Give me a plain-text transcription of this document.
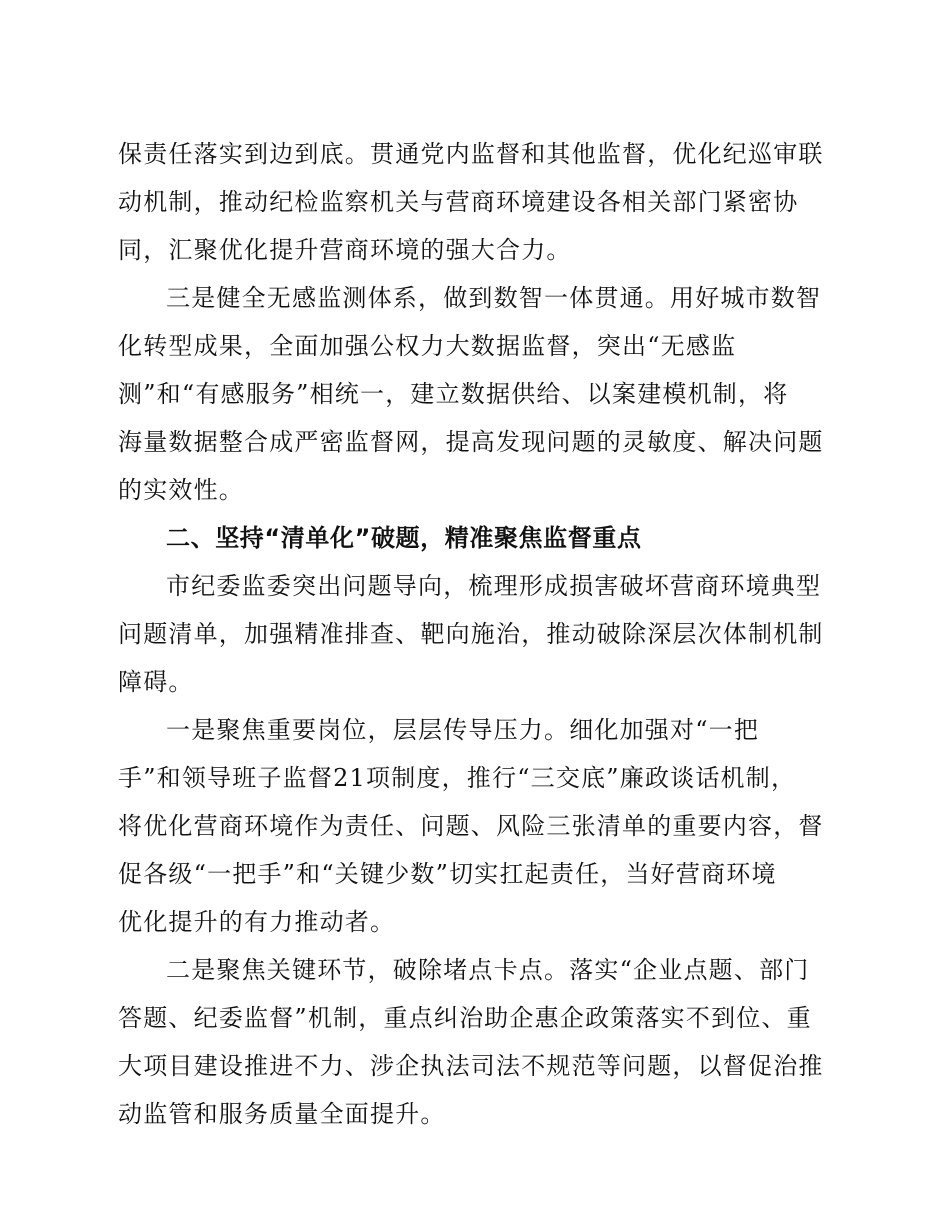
保责任落实到边到底。贯通党内监督和其他监督，优化纪巡审联
动机制，推动纪检监察机关与营商环境建设各相关部门紧密协
同，汇聚优化提升营商环境的强大合力。
三是健全无感监测体系，做到数智一体贯通。用好城市数智
化转型成果，全面加强公权力大数据监督，突出“无感监
测”和“有感服务”相统一，建立数据供给、以案建模机制，将
海量数据整合成严密监督网，提高发现问题的灵敏度、解决问题
的实效性。
二、坚持“清单化”破题，精准聚焦监督重点
市纪委监委突出问题导向，梳理形成损害破坏营商环境典型
问题清单，加强精准排查、靶向施治，推动破除深层次体制机制
障碍。
一是聚焦重要岗位，层层传导压力。细化加强对“一把
手”和领导班子监督21项制度，推行“三交底”廉政谈话机制，
将优化营商环境作为责任、问题、风险三张清单的重要内容，督
促各级“一把手”和“关键少数”切实扛起责任，当好营商环境
优化提升的有力推动者。
二是聚焦关键环节，破除堵点卡点。落实“企业点题、部门
答题、纪委监督”机制，重点纠治助企惠企政策落实不到位、重
大项目建设推进不力、涉企执法司法不规范等问题，以督促治推
动监管和服务质量全面提升。
